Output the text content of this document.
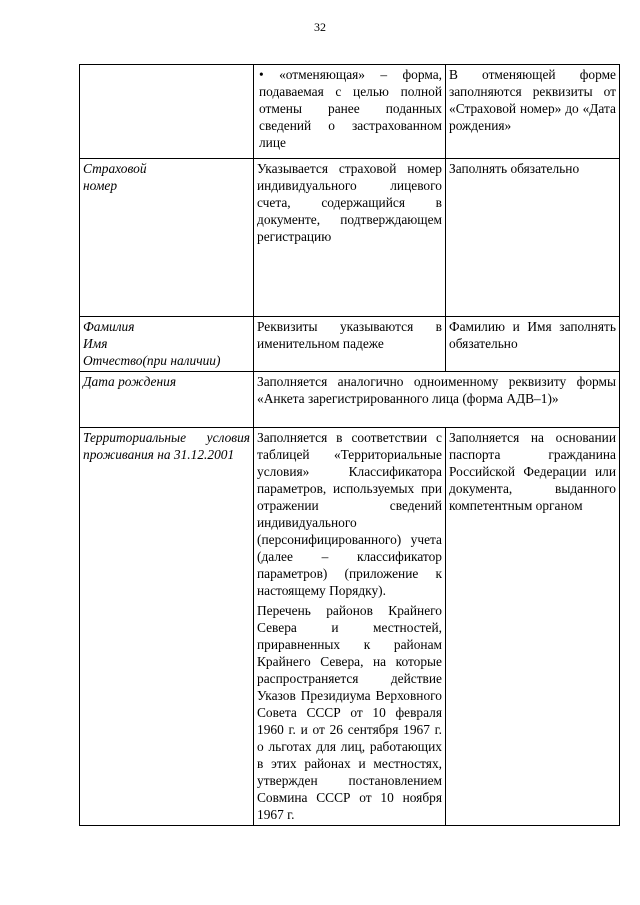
32

	• «отменяющая» – форма, подаваемая с целью полной отмены ранее поданных сведений о застрахованном лице	В отменяющей форме заполняются реквизиты от «Страховой номер» до «Дата рождения»

Страховой
номер	Указывается страховой номер индивидуального лицевого счета, содержащийся в документе, подтверждающем регистрацию	Заполнять обязательно

Фамилия
Имя
Отчество(при наличии)	Реквизиты указываются в именительном падеже	Фамилию и Имя заполнять обязательно

Дата рождения	Заполняется аналогично одноименному реквизиту формы «Анкета зарегистрированного лица (форма АДВ–1)»	

Территориальные условия проживания на 31.12.2001	Заполняется в соответствии с таблицей «Территориальные условия» Классификатора параметров, используемых при отражении сведений индивидуального (персонифицированного) учета (далее – классификатор параметров) (приложение к настоящему Порядку).
Перечень районов Крайнего Севера и местностей, приравненных к районам Крайнего Севера, на которые распространяется действие Указов Президиума Верховного Совета СССР от 10 февраля 1960 г. и от 26 сентября 1967 г. о льготах для лиц, работающих в этих районах и местностях, утвержден постановлением Совмина СССР от 10 ноября 1967 г.	Заполняется на основании паспорта гражданина Российской Федерации или документа, выданного компетентным органом
